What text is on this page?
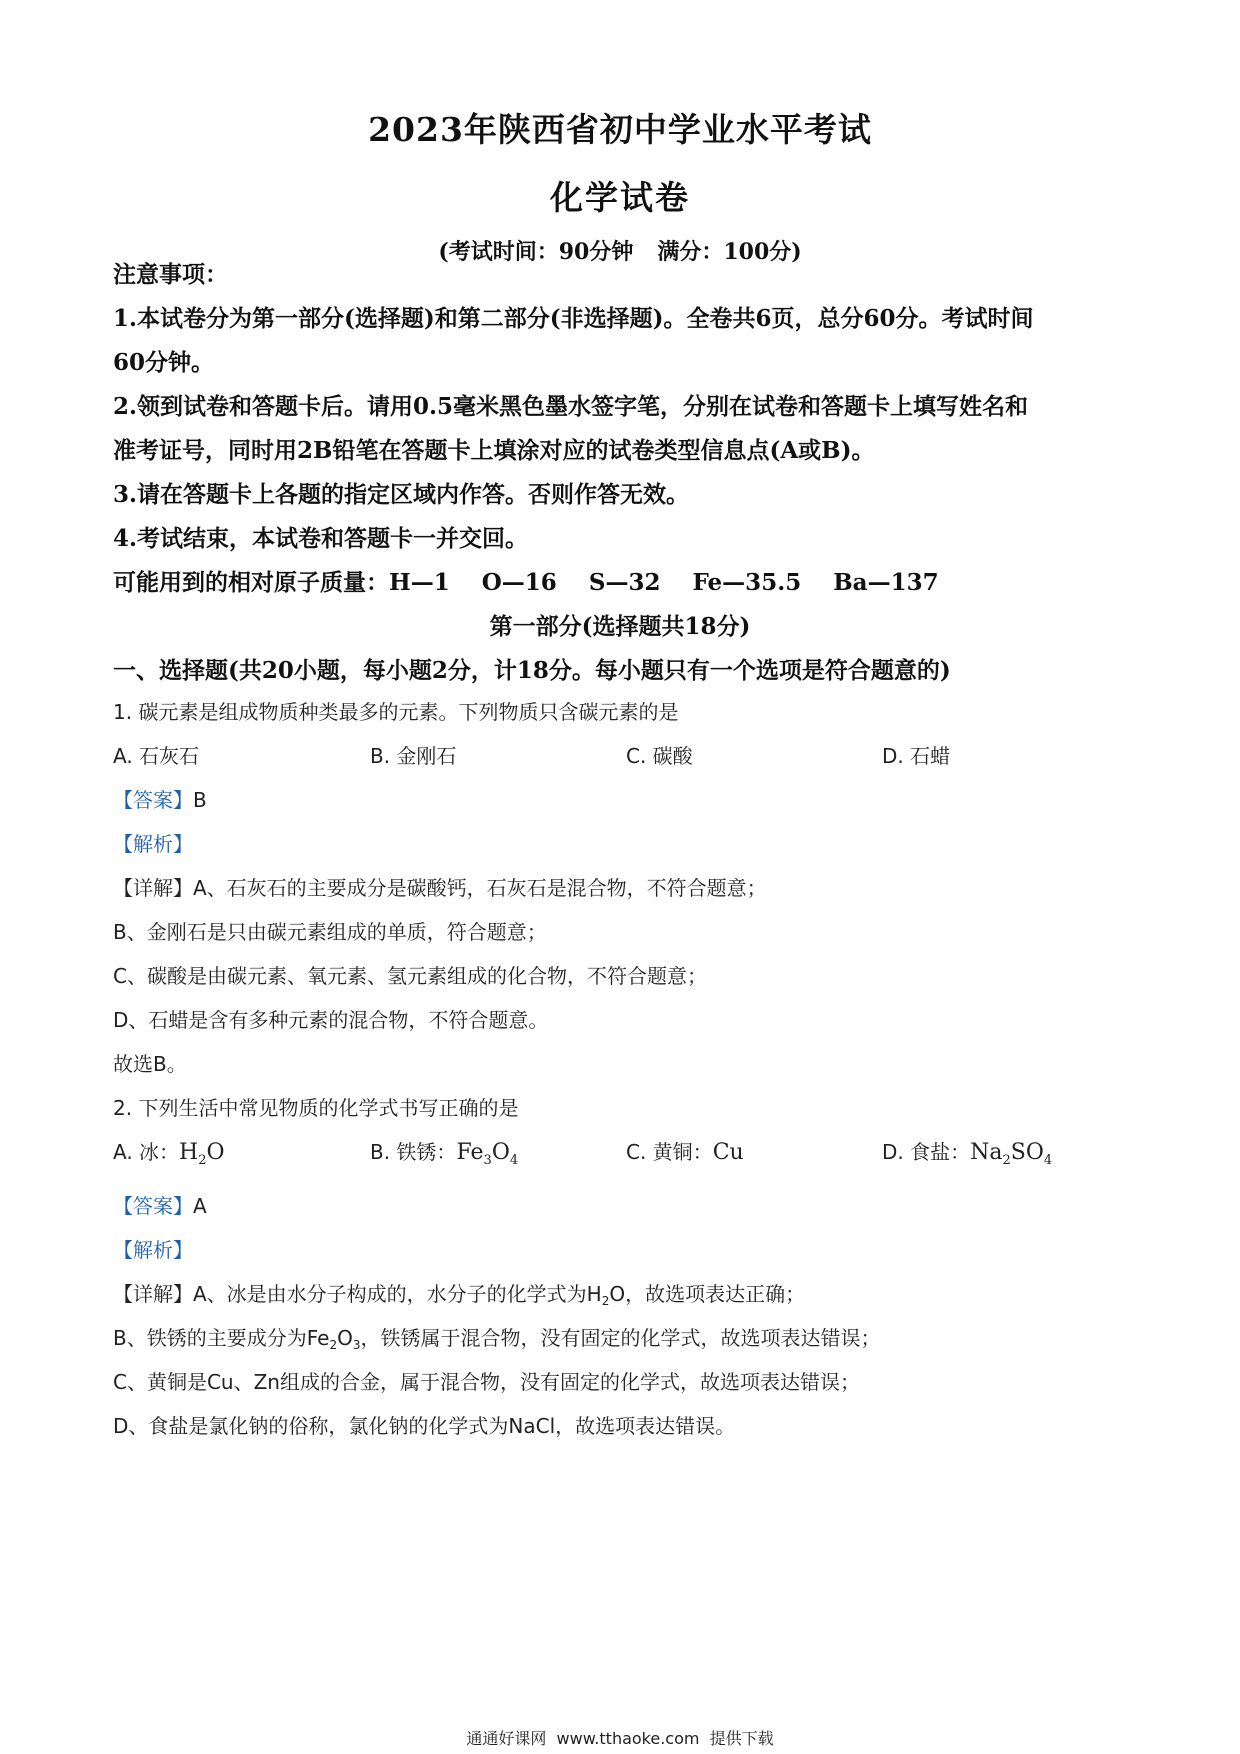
2023年陕西省初中学业水平考试
化学试卷
(考试时间：90分钟 满分：100分)
注意事项：
1.本试卷分为第一部分(选择题)和第二部分(非选择题)。全卷共6页，总分60分。考试时间
60分钟。
2.领到试卷和答题卡后。请用0.5毫米黑色墨水签字笔，分别在试卷和答题卡上填写姓名和
准考证号，同时用2B铅笔在答题卡上填涂对应的试卷类型信息点(A或B)。
3.请在答题卡上各题的指定区域内作答。否则作答无效。
4.考试结束，本试卷和答题卡一并交回。
可能用到的相对原子质量：H—1    O—16    S—32    Fe—35.5    Ba—137
第一部分(选择题共18分)
一、选择题(共20小题，每小题2分，计18分。每小题只有一个选项是符合题意的)
1. 碳元素是组成物质种类最多的元素。下列物质只含碳元素的是
A. 石灰石	B. 金刚石	C. 碳酸	D. 石蜡
【答案】B
【解析】
【详解】A、石灰石的主要成分是碳酸钙，石灰石是混合物，不符合题意；
B、金刚石是只由碳元素组成的单质，符合题意；
C、碳酸是由碳元素、氧元素、氢元素组成的化合物，不符合题意；
D、石蜡是含有多种元素的混合物，不符合题意。
故选B。
2. 下列生活中常见物质的化学式书写正确的是
A. 冰：$H_2O$	B. 铁锈：$Fe_3O_4$	C. 黄铜：Cu	D. 食盐：$Na_2SO_4$
【答案】A
【解析】
【详解】A、冰是由水分子构成的，水分子的化学式为$H_2O$，故选项表达正确；
B、铁锈的主要成分为$Fe_2O_3$，铁锈属于混合物，没有固定的化学式，故选项表达错误；
C、黄铜是Cu、Zn组成的合金，属于混合物，没有固定的化学式，故选项表达错误；
D、食盐是氯化钠的俗称，氯化钠的化学式为NaCl，故选项表达错误。
通通好课网  www.tthaoke.com  提供下载
